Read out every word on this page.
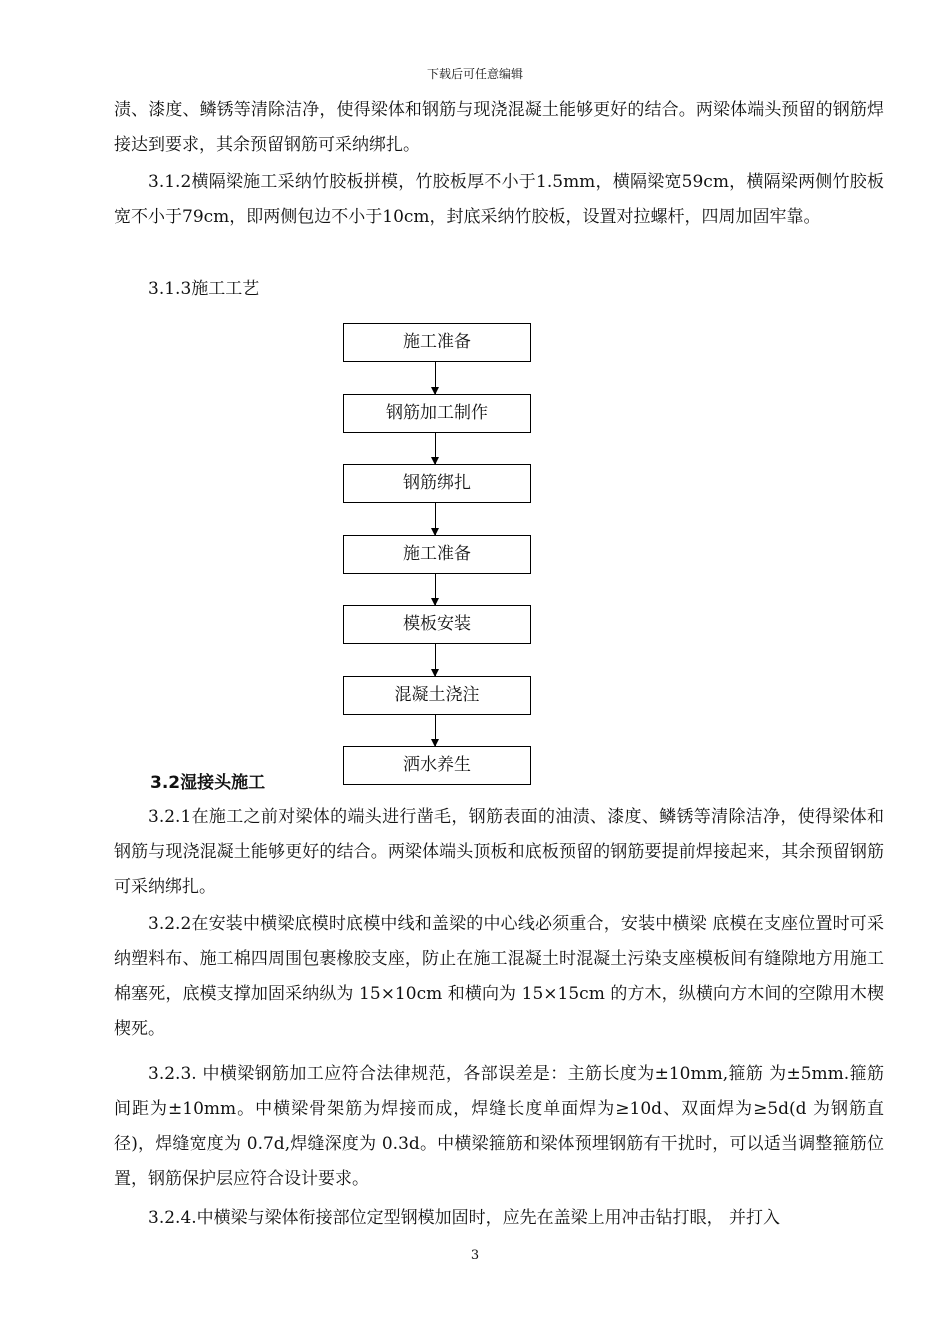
下载后可任意编辑

渍、漆度、鳞锈等清除洁净，使得梁体和钢筋与现浇混凝土能够更好的结合。两梁体端头预留的钢筋焊接达到要求，其余预留钢筋可采纳绑扎。

3.1.2横隔梁施工采纳竹胶板拼模，竹胶板厚不小于1.5mm，横隔梁宽59cm，横隔梁两侧竹胶板宽不小于79cm，即两侧包边不小于10cm，封底采纳竹胶板，设置对拉螺杆，四周加固牢靠。

3.1.3施工工艺

施工准备
钢筋加工制作
钢筋绑扎
施工准备
模板安装
混凝土浇注
洒水养生
3.2湿接头施工

3.2.1在施工之前对梁体的端头进行凿毛，钢筋表面的油渍、漆度、鳞锈等清除洁净，使得梁体和钢筋与现浇混凝土能够更好的结合。两梁体端头顶板和底板预留的钢筋要提前焊接起来，其余预留钢筋可采纳绑扎。

3.2.2在安装中横梁底模时底模中线和盖梁的中心线必须重合，安装中横梁 底模在支座位置时可采纳塑料布、施工棉四周围包裹橡胶支座，防止在施工混凝土时混凝土污染支座模板间有缝隙地方用施工棉塞死，底模支撑加固采纳纵为 15×10cm 和横向为 15×15cm 的方木，纵横向方木间的空隙用木楔楔死。

3.2.3. 中横梁钢筋加工应符合法律规范，各部误差是：主筋长度为±10mm,箍筋 为±5mm.箍筋间距为±10mm。中横梁骨架筋为焊接而成，焊缝长度单面焊为≥10d、双面焊为≥5d(d 为钢筋直径)，焊缝宽度为 0.7d,焊缝深度为 0.3d。中横梁箍筋和梁体预埋钢筋有干扰时，可以适当调整箍筋位置，钢筋保护层应符合设计要求。

3.2.4.中横梁与梁体衔接部位定型钢模加固时，应先在盖梁上用冲击钻打眼， 并打入

3
